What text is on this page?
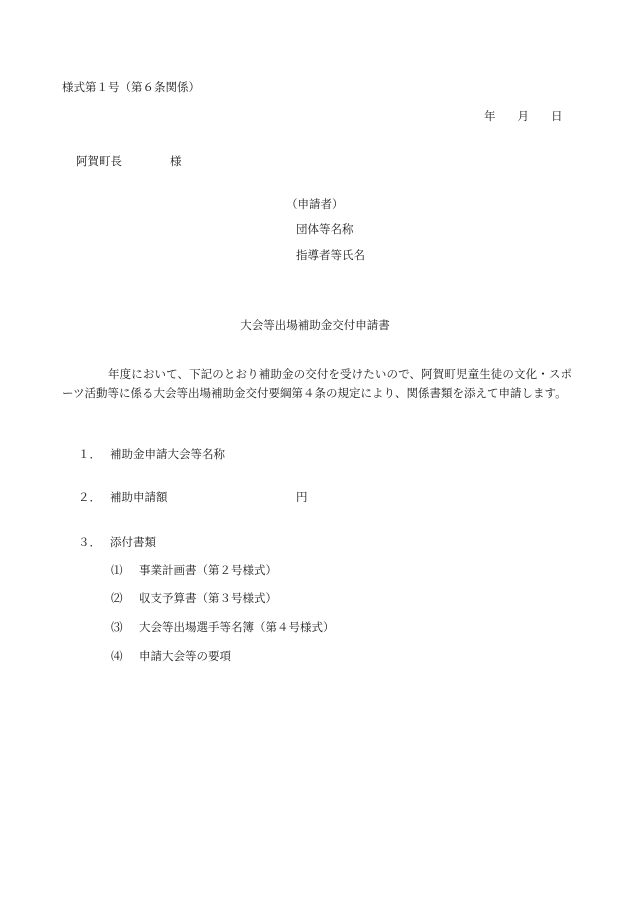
様式第１号（第６条関係）
年 月 日
阿賀町長	様
（申請者）
団体等名称
指導者等氏名
大会等出場補助金交付申請書
年度において、下記のとおり補助金の交付を受けたいので、阿賀町児童生徒の文化・スポーツ活動等に係る大会等出場補助金交付要綱第４条の規定により、関係書類を添えて申請します。
１． 補助金申請大会等名称
２． 補助申請額	円
３． 添付書類
⑴ 事業計画書（第２号様式）
⑵ 収支予算書（第３号様式）
⑶ 大会等出場選手等名簿（第４号様式）
⑷ 申請大会等の要項
